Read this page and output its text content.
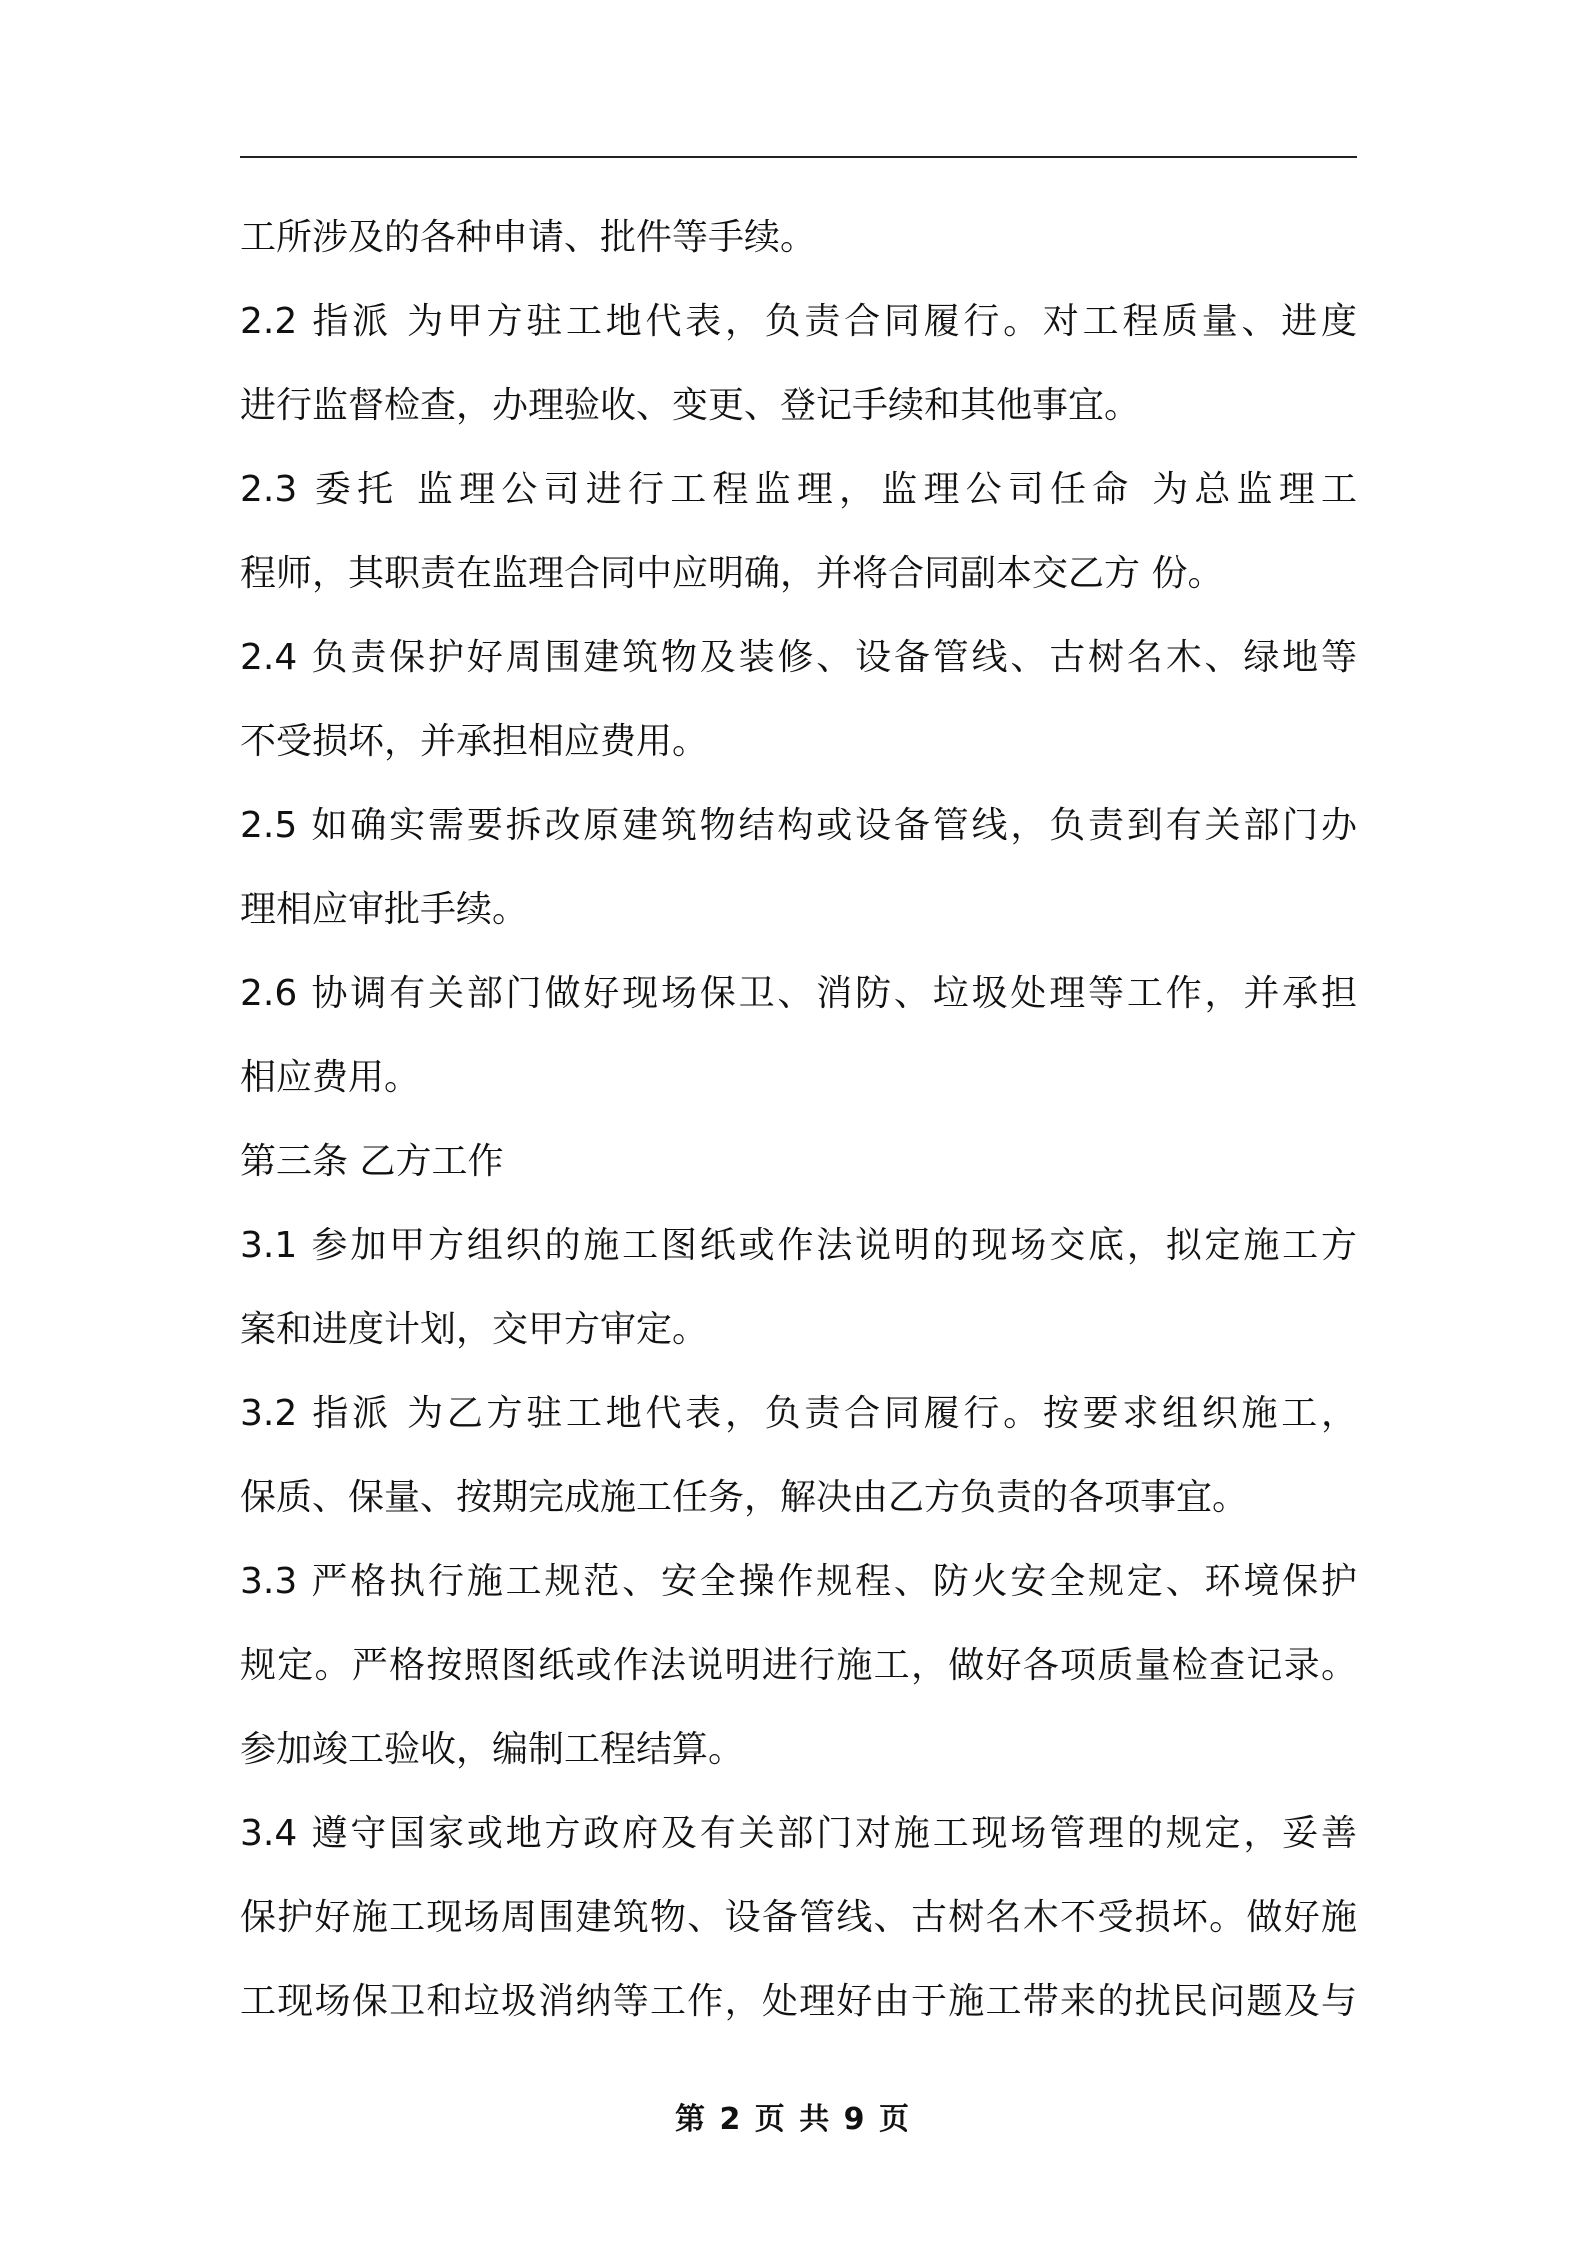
工所涉及的各种申请、批件等手续。
2.2 指派 为甲方驻工地代表，负责合同履行。对工程质量、进度
进行监督检查，办理验收、变更、登记手续和其他事宜。
2.3 委托 监理公司进行工程监理，监理公司任命 为总监理工
程师，其职责在监理合同中应明确，并将合同副本交乙方 份。
2.4 负责保护好周围建筑物及装修、设备管线、古树名木、绿地等
不受损坏，并承担相应费用。
2.5 如确实需要拆改原建筑物结构或设备管线，负责到有关部门办
理相应审批手续。
2.6 协调有关部门做好现场保卫、消防、垃圾处理等工作，并承担
相应费用。
第三条 乙方工作
3.1 参加甲方组织的施工图纸或作法说明的现场交底，拟定施工方
案和进度计划，交甲方审定。
3.2 指派 为乙方驻工地代表，负责合同履行。按要求组织施工，
保质、保量、按期完成施工任务，解决由乙方负责的各项事宜。
3.3 严格执行施工规范、安全操作规程、防火安全规定、环境保护
规定。严格按照图纸或作法说明进行施工，做好各项质量检查记录。
参加竣工验收，编制工程结算。
3.4 遵守国家或地方政府及有关部门对施工现场管理的规定，妥善
保护好施工现场周围建筑物、设备管线、古树名木不受损坏。做好施
工现场保卫和垃圾消纳等工作，处理好由于施工带来的扰民问题及与
第 2 页 共 9 页
